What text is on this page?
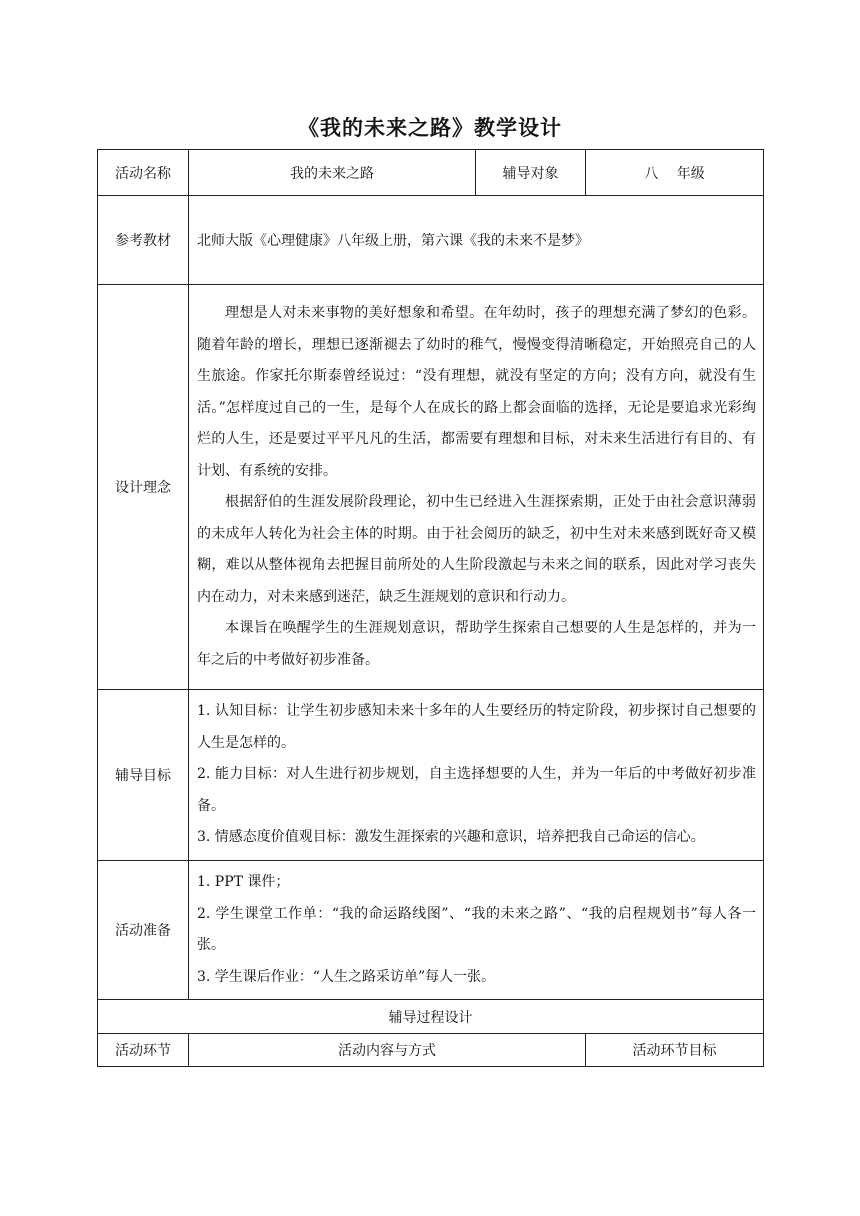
《我的未来之路》教学设计
活动名称	我的未来之路	辅导对象	八　 年级
参考教材	北师大版《心理健康》八年级上册，第六课《我的未来不是梦》		
设计理念	理想是人对未来事物的美好想象和希望。在年幼时，孩子的理想充满了梦幻的色彩。随着年龄的增长，理想已逐渐褪去了幼时的稚气，慢慢变得清晰稳定，开始照亮自己的人生旅途。作家托尔斯泰曾经说过：“没有理想，就没有坚定的方向；没有方向，就没有生活。”怎样度过自己的一生，是每个人在成长的路上都会面临的选择，无论是要追求光彩绚烂的人生，还是要过平平凡凡的生活，都需要有理想和目标，对未来生活进行有目的、有计划、有系统的安排。
根据舒伯的生涯发展阶段理论，初中生已经进入生涯探索期，正处于由社会意识薄弱的未成年人转化为社会主体的时期。由于社会阅历的缺乏，初中生对未来感到既好奇又模糊，难以从整体视角去把握目前所处的人生阶段激起与未来之间的联系，因此对学习丧失内在动力，对未来感到迷茫，缺乏生涯规划的意识和行动力。
本课旨在唤醒学生的生涯规划意识，帮助学生探索自己想要的人生是怎样的，并为一年之后的中考做好初步准备。		

辅导目标	1. 认知目标：让学生初步感知未来十多年的人生要经历的特定阶段，初步探讨自己想要的人生是怎样的。
2. 能力目标：对人生进行初步规划，自主选择想要的人生，并为一年后的中考做好初步准备。
3. 情感态度价值观目标：激发生涯探索的兴趣和意识，培养把我自己命运的信心。		

活动准备	1. PPT 课件；
2. 学生课堂工作单：“我的命运路线图”、“我的未来之路”、“我的启程规划书”每人各一张。
3. 学生课后作业：“人生之路采访单”每人一张。		

辅导过程设计			
活动环节	活动内容与方式		活动环节目标
